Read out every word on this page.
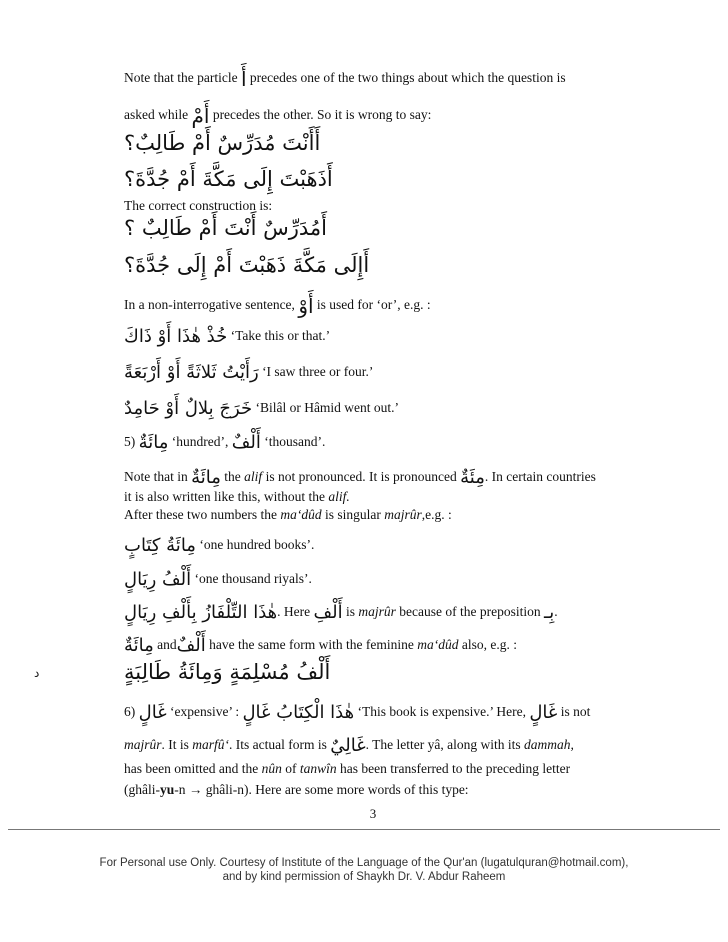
Note that the particle أَ precedes one of the two things about which the question is
asked while أَمْ precedes the other. So it is wrong to say:
أَأَنْتَ مُدَرِّسٌ أَمْ طَالِبٌ؟
أَذَهَبْتَ إِلَى مَكَّةَ أَمْ جُدَّةَ؟
The correct construction is:
أَمُدَرِّسٌ أَنْتَ أَمْ طَالِبٌ ؟
أَإِلَى مَكَّةَ ذَهَبْتَ أَمْ إِلَى جُدَّةَ؟
In a non-interrogative sentence, أَوْ is used for ‘or’, e.g. :
خُذْ هٰذَا أَوْ ذَاكَ ‘Take this or that.’
رَأَيْتُ ثَلاثَةً أَوْ أَرْبَعَةً ‘I saw three or four.’
خَرَجَ بِلالٌ أَوْ حَامِدٌ ‘Bilâl or Hâmid went out.’
5) مِائَةٌ ‘hundred’, أَلْفٌ ‘thousand’.
Note that in مِائَةٌ the alif is not pronounced. It is pronounced مِئَةٌ. In certain countries
it is also written like this, without the alif.
After these two numbers the ma‘dûd is singular majrûr,e.g. :
مِائَةُ كِتَابٍ ‘one hundred books’.
أَلْفُ رِيَالٍ ‘one thousand riyals’.
هٰذَا التِّلْفَازُ بِأَلْفِ رِيَالٍ. Here أَلْفِ is majrûr because of the preposition بِـ.
مِائَةٌ andأَلْفٌ have the same form with the feminine ma‘dûd also, e.g. :
أَلْفُ مُسْلِمَةٍ وَمِائَةُ طَالِبَةٍ
6) غَالٍ ‘expensive’ : هٰذَا الْكِتَابُ غَالٍ ‘This book is expensive.’ Here, غَالٍ is not
majrûr. It is marfû‘. Its actual form is غَالِيٌ. The letter yâ, along with its dammah,
has been omitted and the nûn of tanwîn has been transferred to the preceding letter
(ghâli-yu-n → ghâli-n). Here are some more words of this type:
3
د
For Personal use Only. Courtesy of Institute of the Language of the Qur'an (lugatulquran@hotmail.com),
and by kind permission of Shaykh Dr. V. Abdur Raheem
